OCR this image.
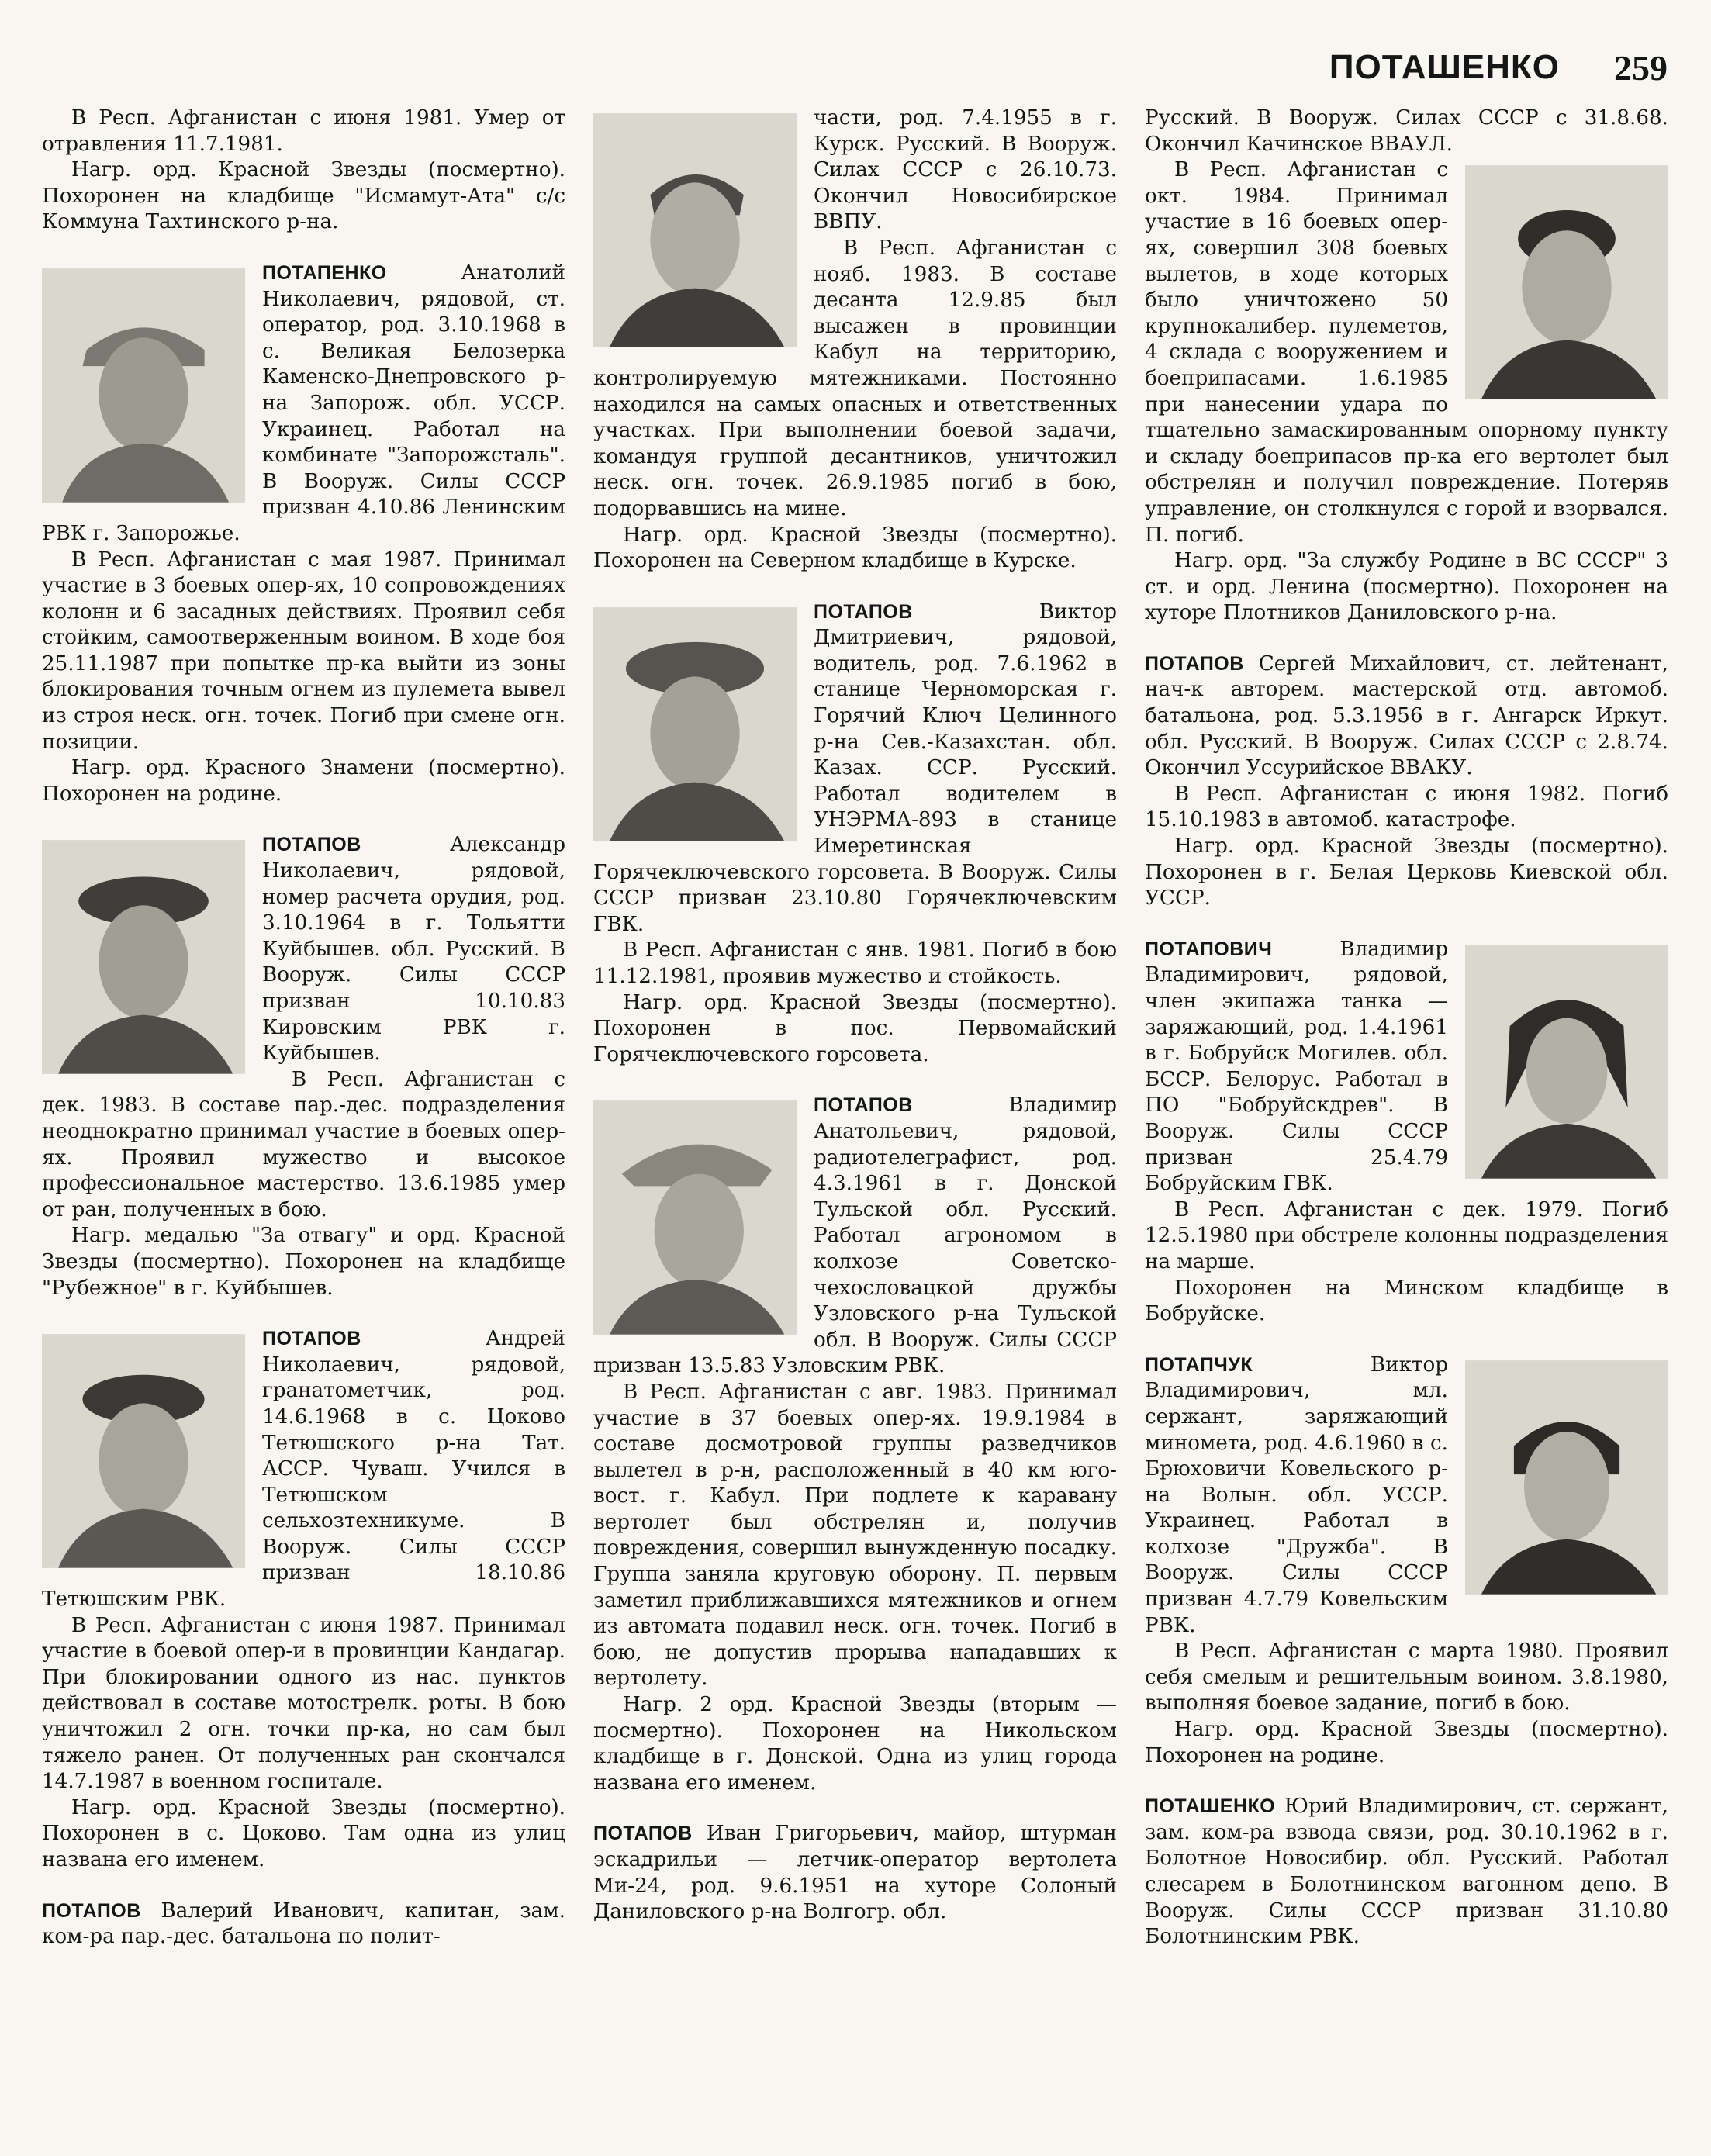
ПОТАШЕНКО 259

В Респ. Афганистан с июня 1981. Умер от отравления 11.7.1981.

Нагр. орд. Красной Звезды (посмертно). Похоронен на кладбище "Исмамут-Ата" с/с Коммуна Тахтинского р-на.

ПОТАПЕНКО	Анатолий Николаевич, рядовой, ст. оператор, род. 3.10.1968 в с. Великая Белозерка Каменско-Днепровского р-на Запорож. обл. УССР. Украинец. Работал на комбинате "Запорожсталь". В Вооруж. Силы СССР призван 4.10.86 Ленинским РВК г. Запорожье.

В Респ. Афганистан с мая 1987. Принимал участие в 3 боевых опер-ях, 10 сопровождениях колонн и 6 засадных действиях. Проявил себя стойким, самоотверженным воином. В ходе боя 25.11.1987 при попытке пр-ка выйти из зоны блокирования точным огнем из пулемета вывел из строя неск. огн. точек. Погиб при смене огн. позиции.

Нагр. орд. Красного Знамени (посмертно). Похоронен на родине.

ПОТАПОВ	Александр Николаевич, рядовой, номер расчета орудия, род. 3.10.1964 в г. Тольятти Куйбышев. обл. Русский. В Вооруж. Силы СССР призван 10.10.83 Кировским РВК г. Куйбышев.

В Респ. Афганистан с дек. 1983. В составе пар.-дес. подразделения неоднократно принимал участие в боевых опер-ях. Проявил мужество и высокое профессиональное мастерство. 13.6.1985 умер от ран, полученных в бою.

Нагр. медалью "За отвагу" и орд. Красной Звезды (посмертно). Похоронен на кладбище "Рубежное" в г. Куйбышев.

ПОТАПОВ	Андрей Николаевич, рядовой, гранатометчик, род. 14.6.1968 в с. Цоково Тетюшского р-на Тат. АССР. Чуваш. Учился в Тетюшском сельхозтехникуме. В Вооруж. Силы СССР призван 18.10.86 Тетюшским РВК.

В Респ. Афганистан с июня 1987. Принимал участие в боевой опер-и в провинции Кандагар. При блокировании одного из нас. пунктов действовал в составе мотострелк. роты. В бою уничтожил 2 огн. точки пр-ка, но сам был тяжело ранен. От полученных ран скончался 14.7.1987 в военном госпитале.

Нагр. орд. Красной Звезды (посмертно). Похоронен в с. Цоково. Там одна из улиц названа его именем.

ПОТАПОВ Валерий Иванович, капитан, зам. ком-ра пар.-дес. батальона по полит-

части, род. 7.4.1955 в г. Курск. Русский. В Вооруж. Силах СССР с 26.10.73. Окончил Новосибирское ВВПУ.

В Респ. Афганистан с нояб. 1983. В составе десанта 12.9.85 был высажен в провинции Кабул на территорию, контролируемую мятежниками. Постоянно находился на самых опасных и ответственных участках. При выполнении боевой задачи, командуя группой десантников, уничтожил неск. огн. точек. 26.9.1985 погиб в бою, подорвавшись на мине.

Нагр. орд. Красной Звезды (посмертно). Похоронен на Северном кладбище в Курске.

ПОТАПОВ	Виктор Дмитриевич, рядовой, водитель, род. 7.6.1962 в станице Черноморская г. Горячий Ключ Целинного р-на Сев.-Казахстан. обл. Казах. ССР. Русский. Работал водителем в УНЭРМА-893 в станице Имеретинская Горячеключевского горсовета. В Вооруж. Силы СССР призван 23.10.80 Горячеключевским ГВК.

В Респ. Афганистан с янв. 1981. Погиб в бою 11.12.1981, проявив мужество и стойкость.

Нагр. орд. Красной Звезды (посмертно). Похоронен в пос. Первомайский Горячеключевского горсовета.

ПОТАПОВ	Владимир Анатольевич, рядовой, радиотелеграфист, род. 4.3.1961 в г. Донской Тульской обл. Русский. Работал агрономом в колхозе Советско-чехословацкой дружбы Узловского р-на Тульской обл. В Вооруж. Силы СССР призван 13.5.83 Узловским РВК.

В Респ. Афганистан с авг. 1983. Принимал участие в 37 боевых опер-ях. 19.9.1984 в составе досмотровой группы разведчиков вылетел в р-н, расположенный в 40 км юго-вост. г. Кабул. При подлете к каравану вертолет был обстрелян и, получив повреждения, совершил вынужденную посадку. Группа заняла круговую оборону. П. первым заметил приближавшихся мятежников и огнем из автомата подавил неск. огн. точек. Погиб в бою, не допустив прорыва нападавших к вертолету.

Нагр. 2 орд. Красной Звезды (вторым — посмертно). Похоронен на Никольском кладбище в г. Донской. Одна из улиц города названа его именем.

ПОТАПОВ Иван Григорьевич, майор, штурман эскадрильи — летчик-оператор вертолета Ми-24, род. 9.6.1951 на хуторе Солоный Даниловского р-на Волгогр. обл.

Русский. В Вооруж. Силах СССР с 31.8.68. Окончил Качинское ВВАУЛ.

В Респ. Афганистан с окт. 1984. Принимал участие в 16 боевых опер-ях, совершил 308 боевых вылетов, в ходе которых было уничтожено 50 крупнокалибер. пулеметов, 4 склада с вооружением и боеприпасами. 1.6.1985 при нанесении удара по тщательно замаскированным опорному пункту и складу боеприпасов пр-ка его вертолет был обстрелян и получил повреждение. Потеряв управление, он столкнулся с горой и взорвался. П. погиб.

Нагр. орд. "За службу Родине в ВС СССР" 3 ст. и орд. Ленина (посмертно). Похоронен на хуторе Плотников Даниловского р-на.

ПОТАПОВ Сергей Михайлович, ст. лейтенант, нач-к авторем. мастерской отд. автомоб. батальона, род. 5.3.1956 в г. Ангарск Иркут. обл. Русский. В Вооруж. Силах СССР с 2.8.74. Окончил Уссурийское ВВАКУ.

В Респ. Афганистан с июня 1982. Погиб 15.10.1983 в автомоб. катастрофе.

Нагр. орд. Красной Звезды (посмертно). Похоронен в г. Белая Церковь Киевской обл. УССР.

ПОТАПОВИЧ	Владимир Владимирович, рядовой, член экипажа танка —заряжающий, род. 1.4.1961 в г. Бобруйск Могилев. обл. БССР. Белорус. Работал в ПО "Бобруйскдрев". В Вооруж. Силы СССР призван 25.4.79 Бобруйским ГВК.

В Респ. Афганистан с дек. 1979. Погиб 12.5.1980 при обстреле колонны подразделения на марше.

Похоронен на Минском кладбище в Бобруйске.

ПОТАПЧУК	Виктор Владимирович, мл. сержант, заряжающий миномета, род. 4.6.1960 в с. Брюховичи Ковельского р-на Волын. обл. УССР. Украинец. Работал в колхозе "Дружба". В Вооруж. Силы СССР призван 4.7.79 Ковельским РВК.

В Респ. Афганистан с марта 1980. Проявил себя смелым и решительным воином. 3.8.1980, выполняя боевое задание, погиб в бою.

Нагр. орд. Красной Звезды (посмертно). Похоронен на родине.

ПОТАШЕНКО Юрий Владимирович, ст. сержант, зам. ком-ра взвода связи, род. 30.10.1962 в г. Болотное Новосибир. обл. Русский. Работал слесарем в Болотнинском вагонном депо. В Вооруж. Силы СССР призван 31.10.80 Болотнинским РВК.
